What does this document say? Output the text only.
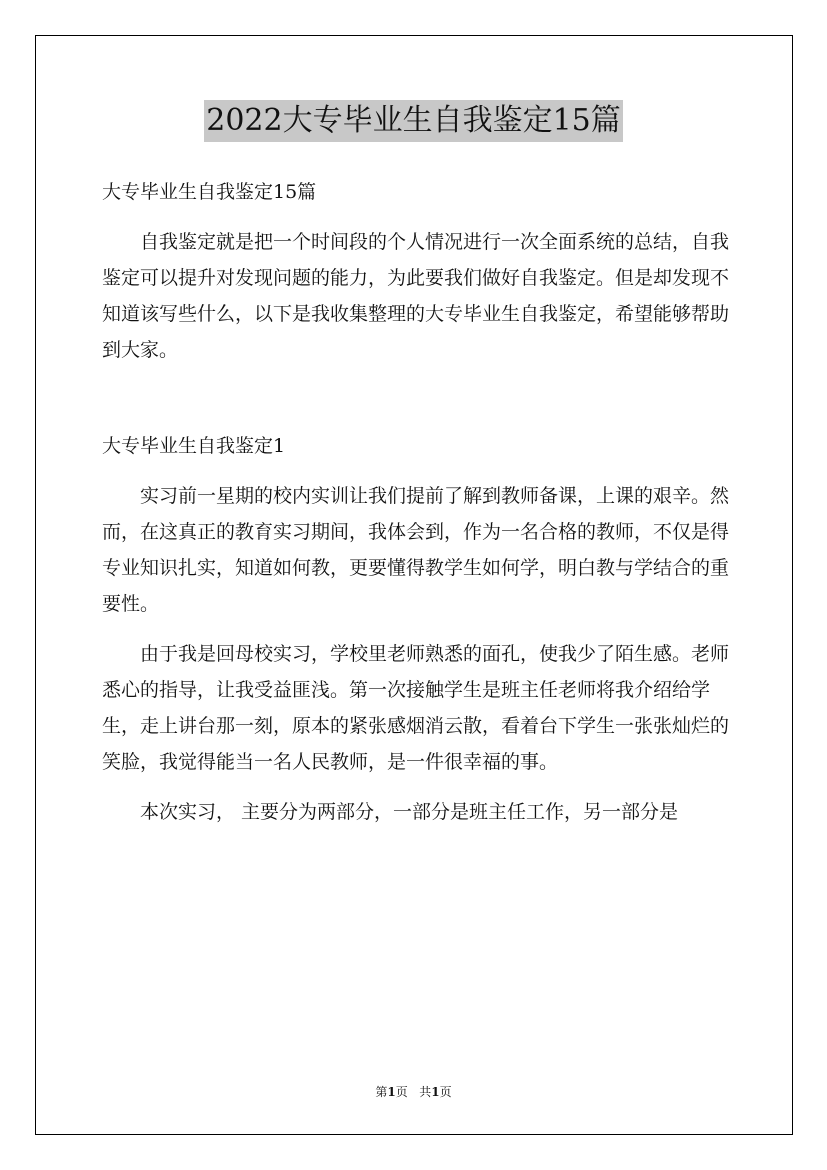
2022大专毕业生自我鉴定15篇

大专毕业生自我鉴定15篇

自我鉴定就是把一个时间段的个人情况进行一次全面系统的总结，自我鉴定可以提升对发现问题的能力，为此要我们做好自我鉴定。但是却发现不知道该写些什么，以下是我收集整理的大专毕业生自我鉴定，希望能够帮助到大家。

大专毕业生自我鉴定1

实习前一星期的校内实训让我们提前了解到教师备课，上课的艰辛。然而，在这真正的教育实习期间，我体会到，作为一名合格的教师，不仅是得专业知识扎实，知道如何教，更要懂得教学生如何学，明白教与学结合的重要性。

由于我是回母校实习，学校里老师熟悉的面孔，使我少了陌生感。老师悉心的指导，让我受益匪浅。第一次接触学生是班主任老师将我介绍给学生，走上讲台那一刻，原本的紧张感烟消云散，看着台下学生一张张灿烂的笑脸，我觉得能当一名人民教师，是一件很幸福的事。

本次实习， 主要分为两部分，一部分是班主任工作，另一部分是

第1页 共1页
